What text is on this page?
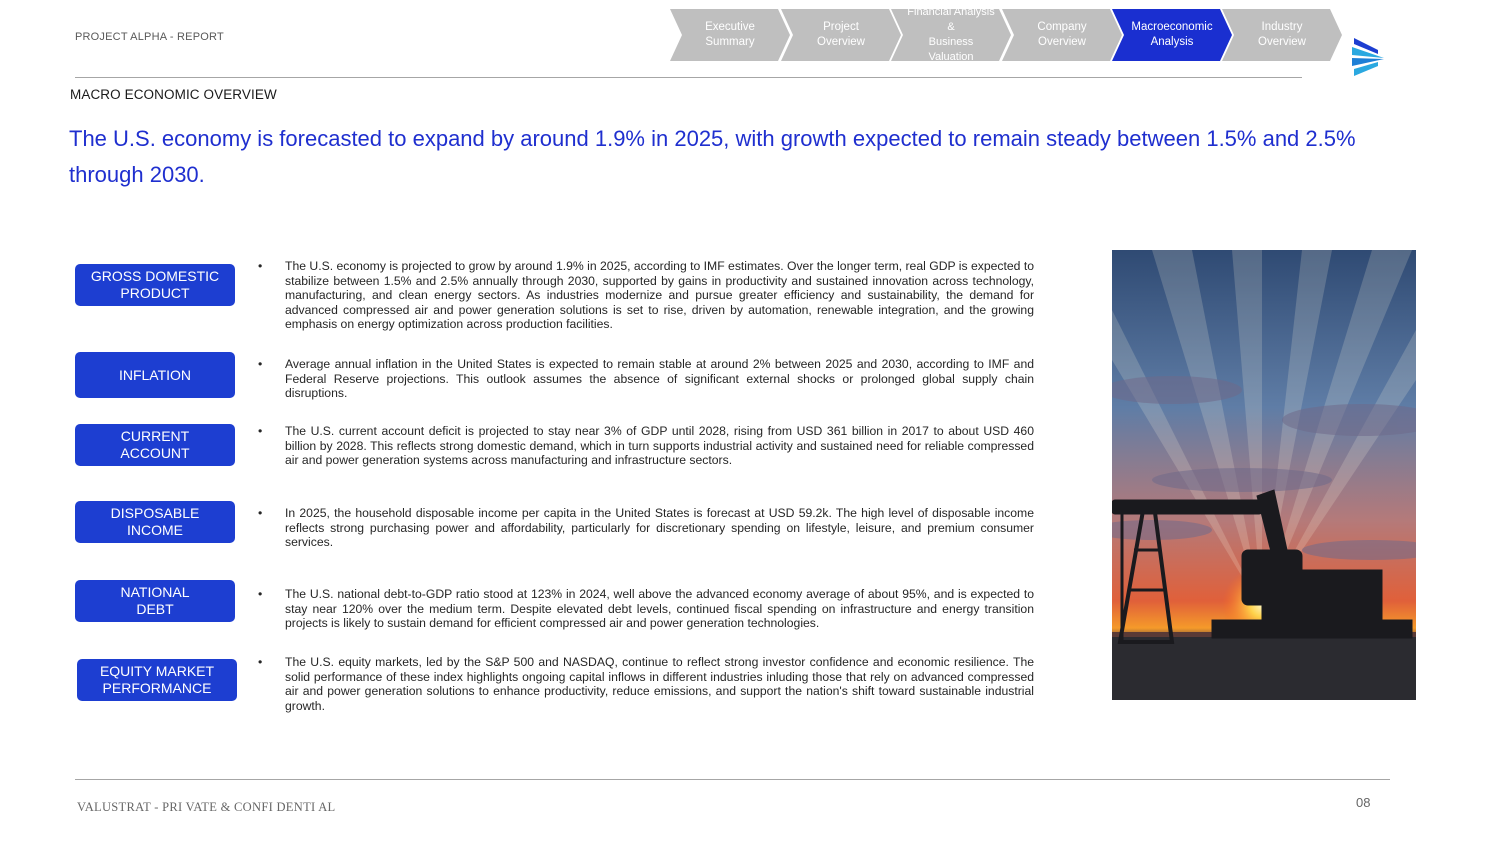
PROJECT ALPHA - REPORT
Executive
Summary
Project
Overview
Financial Analysis
&
Business Valuation
Company
Overview
Macroeconomic
Analysis
Industry
Overview
MACRO ECONOMIC OVERVIEW
The U.S. economy is forecasted to expand by around 1.9% in 2025, with growth expected to remain steady between 1.5% and 2.5% through 2030.
GROSS DOMESTIC PRODUCT
INFLATION
CURRENT ACCOUNT
DISPOSABLE INCOME
NATIONAL DEBT
EQUITY MARKET PERFORMANCE
• The U.S. economy is projected to grow by around 1.9% in 2025, according to IMF estimates. Over the longer term, real GDP is expected to stabilize between 1.5% and 2.5% annually through 2030, supported by gains in productivity and sustained innovation across technology, manufacturing, and clean energy sectors. As industries modernize and pursue greater efficiency and sustainability, the demand for advanced compressed air and power generation solutions is set to rise, driven by automation, renewable integration, and the growing emphasis on energy optimization across production facilities.
• Average annual inflation in the United States is expected to remain stable at around 2% between 2025 and 2030, according to IMF and Federal Reserve projections. This outlook assumes the absence of significant external shocks or prolonged global supply chain disruptions.
• The U.S. current account deficit is projected to stay near 3% of GDP until 2028, rising from USD 361 billion in 2017 to about USD 460 billion by 2028. This reflects strong domestic demand, which in turn supports industrial activity and sustained need for reliable compressed air and power generation systems across manufacturing and infrastructure sectors.
• In 2025, the household disposable income per capita in the United States is forecast at USD 59.2k. The high level of disposable income reflects strong purchasing power and affordability, particularly for discretionary spending on lifestyle, leisure, and premium consumer services.
• The U.S. national debt-to-GDP ratio stood at 123% in 2024, well above the advanced economy average of about 95%, and is expected to stay near 120% over the medium term. Despite elevated debt levels, continued fiscal spending on infrastructure and energy transition projects is likely to sustain demand for efficient compressed air and power generation technologies.
• The U.S. equity markets, led by the S&P 500 and NASDAQ, continue to reflect strong investor confidence and economic resilience. The solid performance of these index highlights ongoing capital inflows in different industries inluding those that rely on advanced compressed air and power generation solutions to enhance productivity, reduce emissions, and support the nation's shift toward sustainable industrial growth.
VALUSTRAT - PRI VATE & CONFI DENTI AL	08
